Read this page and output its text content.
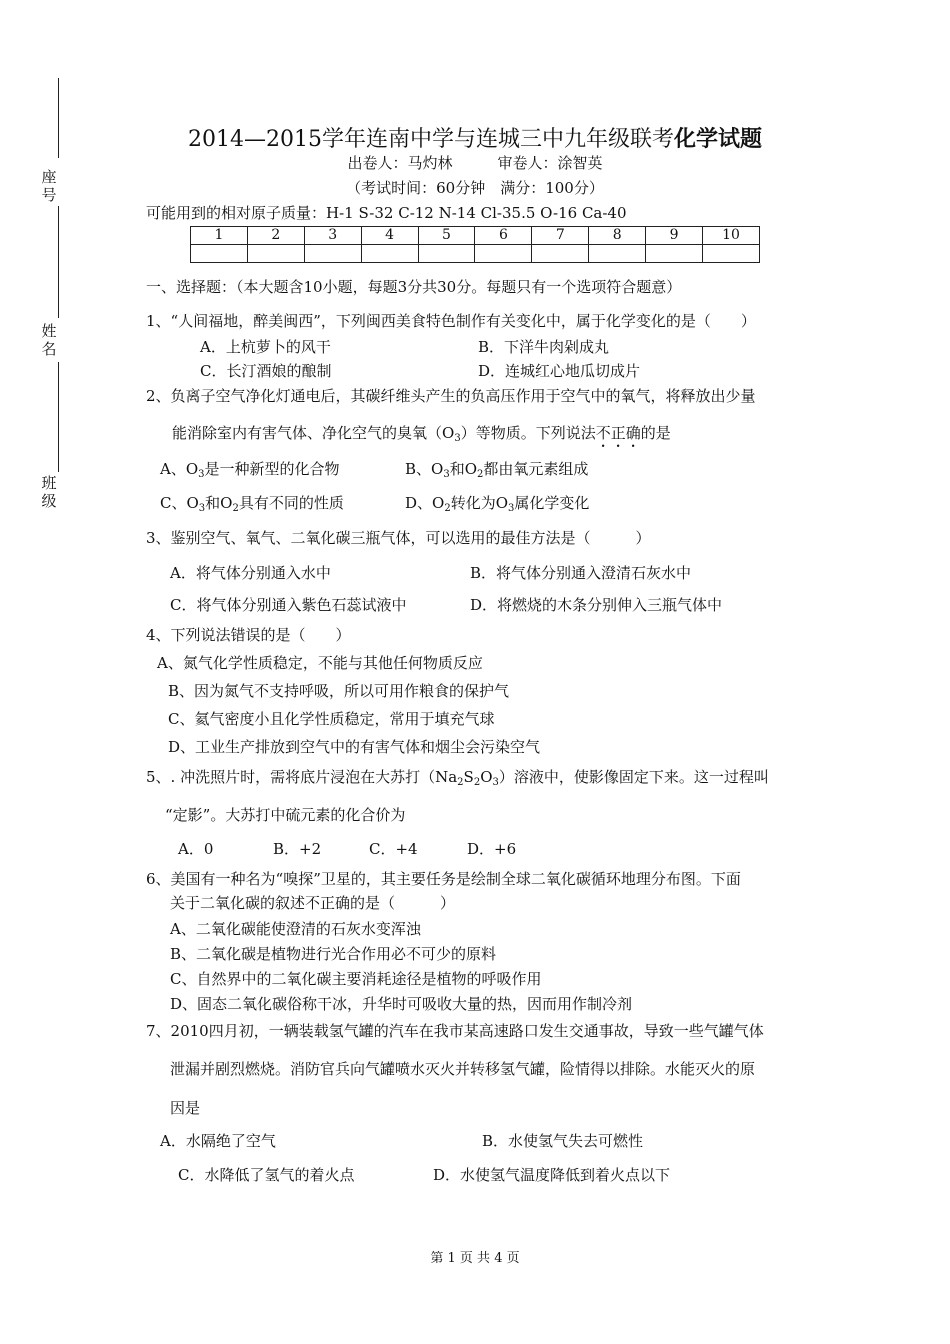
座号
姓名
班级
2014—2015学年连南中学与连城三中九年级联考化学试题
出卷人：马灼林　　　审卷人：涂智英
（考试时间：60分钟　满分：100分）
可能用到的相对原子质量：H-1 S-32 C-12 N-14 Cl-35.5 O-16 Ca-40
1	2	3	4	5	6	7	8	9	10

一、选择题：（本大题含10小题，每题3分共30分。每题只有一个选项符合题意）
1、“人间福地，醉美闽西”，下列闽西美食特色制作有关变化中，属于化学变化的是（　　）
A．上杭萝卜的风干	B．下洋牛肉剁成丸
C．长汀酒娘的酿制	D．连城红心地瓜切成片
2、负离子空气净化灯通电后，其碳纤维头产生的负高压作用于空气中的氧气，将释放出少量
能消除室内有害气体、净化空气的臭氧$(O_3)$等物质。下列说法不正确的是
A、$O_3$是一种新型的化合物	B、$O_3$和$O_2$都由氧元素组成
C、$O_3$和$O_2$具有不同的性质	D、$O_2$转化为$O_3$属化学变化
3、鉴别空气、氧气、二氧化碳三瓶气体，可以选用的最佳方法是（　　　）
A．将气体分别通入水中	B．将气体分别通入澄清石灰水中
C．将气体分别通入紫色石蕊试液中	D．将燃烧的木条分别伸入三瓶气体中
4、下列说法错误的是（　　）
A、氮气化学性质稳定，不能与其他任何物质反应
B、因为氮气不支持呼吸，所以可用作粮食的保护气
C、氦气密度小且化学性质稳定，常用于填充气球
D、工业生产排放到空气中的有害气体和烟尘会污染空气
5、. 冲洗照片时，需将底片浸泡在大苏打$(Na_2S_2O_3)$溶液中，使影像固定下来。这一过程叫
“定影”。大苏打中硫元素的化合价为
A．0	B．+2	C．+4	D．+6
6、美国有一种名为“嗅探”卫星的，其主要任务是绘制全球二氧化碳循环地理分布图。下面
关于二氧化碳的叙述不正确的是（　　　）
A、二氧化碳能使澄清的石灰水变浑浊
B、二氧化碳是植物进行光合作用必不可少的原料
C、自然界中的二氧化碳主要消耗途径是植物的呼吸作用
D、固态二氧化碳俗称干冰，升华时可吸收大量的热，因而用作制冷剂
7、2010四月初，一辆装载氢气罐的汽车在我市某高速路口发生交通事故，导致一些气罐气体
泄漏并剧烈燃烧。消防官兵向气罐喷水灭火并转移氢气罐，险情得以排除。水能灭火的原
因是
A．水隔绝了空气	B．水使氢气失去可燃性
C．水降低了氢气的着火点	D．水使氢气温度降低到着火点以下
第 1 页 共 4 页
